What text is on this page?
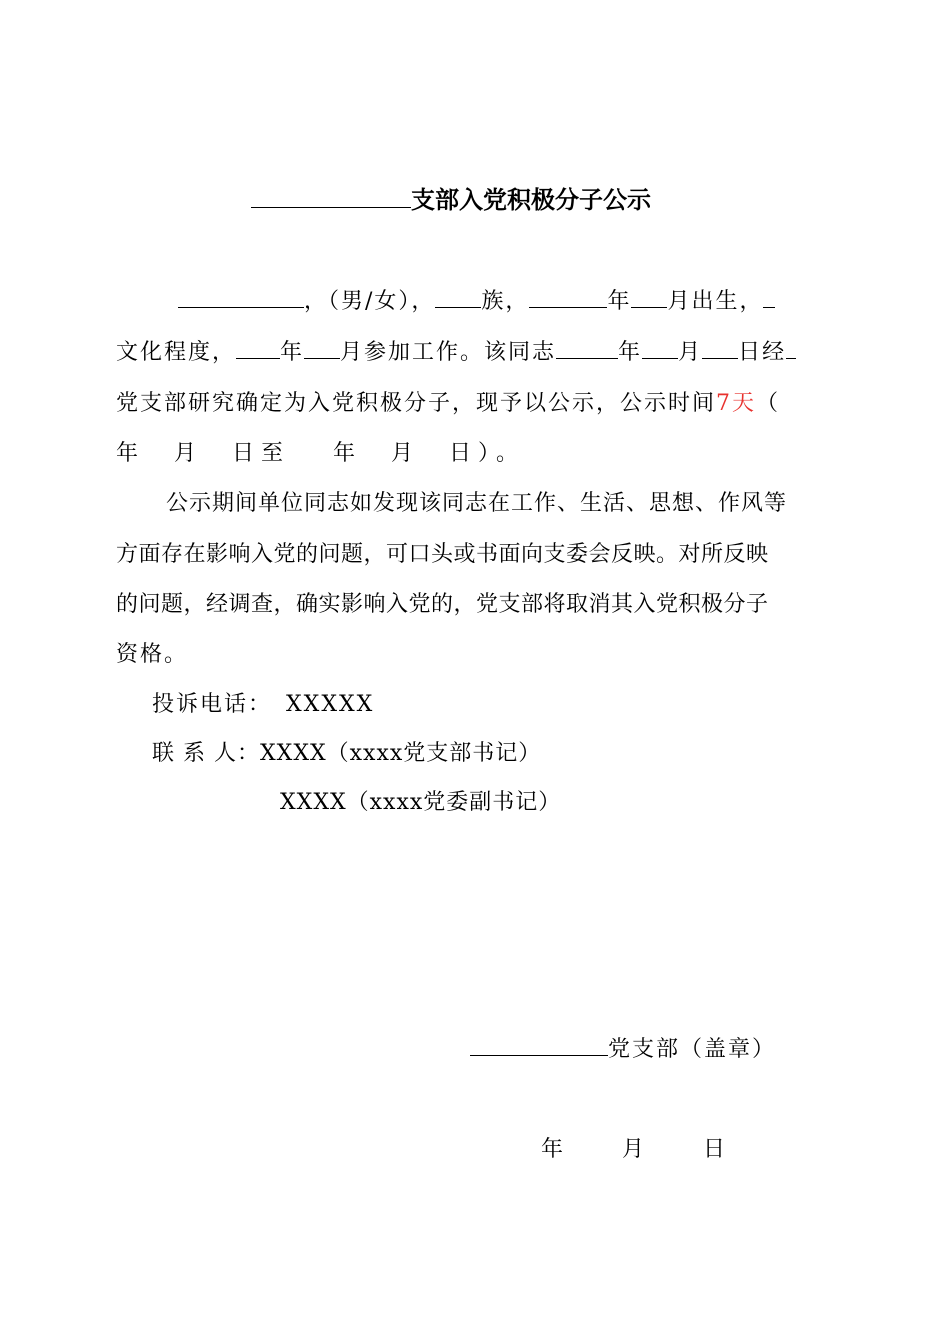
支部入党积极分子公示
，（男/女）， 族，	年 月出生，
文化程度， 年 月参加工作。该同志	年 月 日经
党支部研究确定为入党积极分子，现予以公示，公示时间7天（
年　月　日至　 年　月　日）。
公示期间单位同志如发现该同志在工作、生活、思想、作风等
方面存在影响入党的问题，可口头或书面向支委会反映。对所反映
的问题，经调查，确实影响入党的，党支部将取消其入党积极分子
资格。
投诉电话： XXXXX
联 系 人：XXXX（xxxx党支部书记）
XXXX（xxxx党委副书记）
党支部（盖章）
年　　月　　日
